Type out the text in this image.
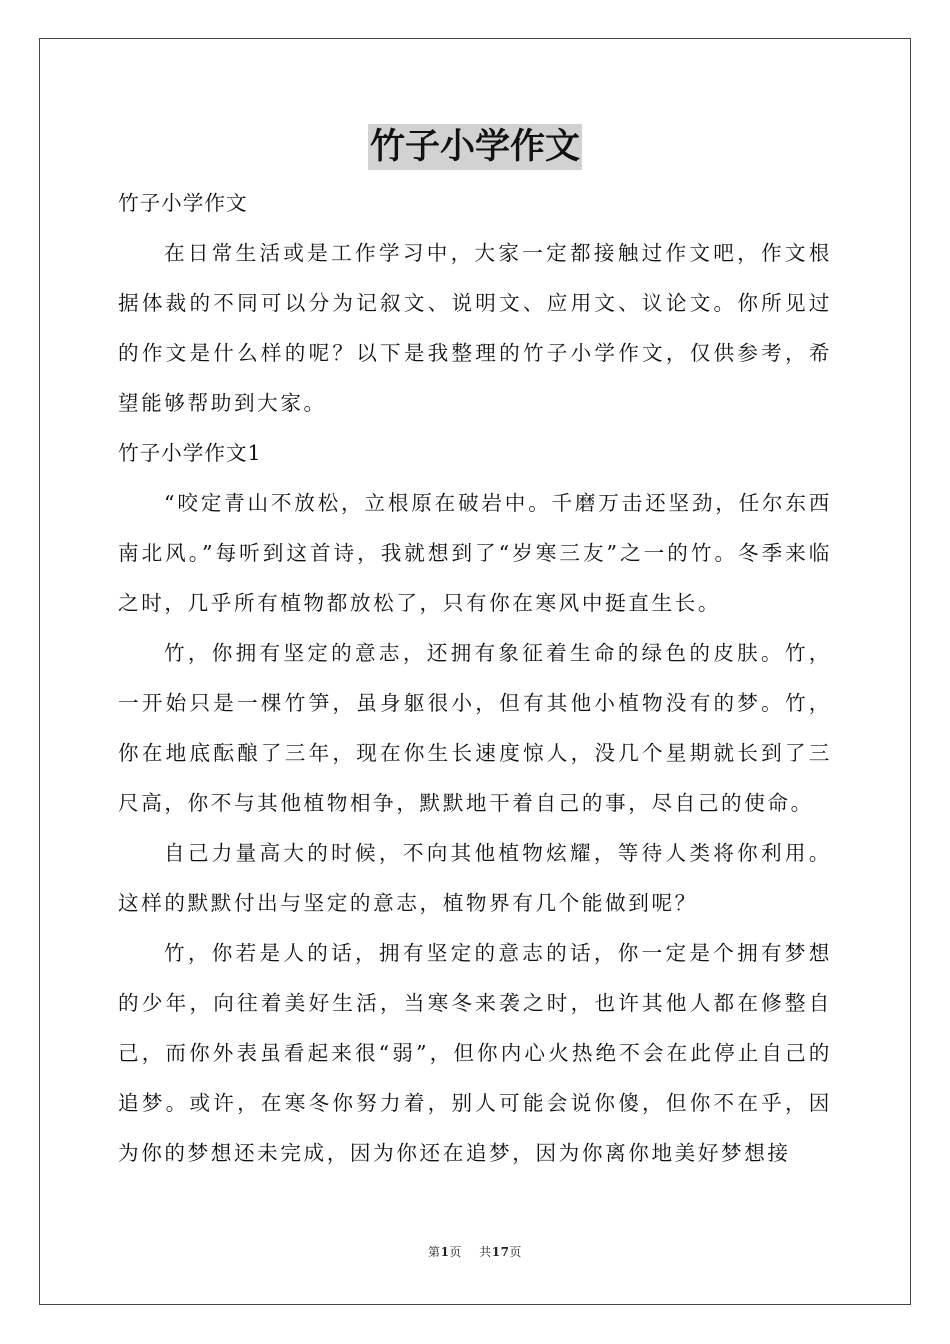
竹子小学作文

竹子小学作文

在日常生活或是工作学习中，大家一定都接触过作文吧，作文根据体裁的不同可以分为记叙文、说明文、应用文、议论文。你所见过的作文是什么样的呢？以下是我整理的竹子小学作文，仅供参考，希望能够帮助到大家。

竹子小学作文1

“咬定青山不放松，立根原在破岩中。千磨万击还坚劲，任尔东西南北风。”每听到这首诗，我就想到了“岁寒三友”之一的竹。冬季来临之时，几乎所有植物都放松了，只有你在寒风中挺直生长。

竹，你拥有坚定的意志，还拥有象征着生命的绿色的皮肤。竹，一开始只是一棵竹笋，虽身躯很小，但有其他小植物没有的梦。竹，你在地底酝酿了三年，现在你生长速度惊人，没几个星期就长到了三尺高，你不与其他植物相争，默默地干着自己的事，尽自己的使命。

自己力量高大的时候，不向其他植物炫耀，等待人类将你利用。这样的默默付出与坚定的意志，植物界有几个能做到呢？

竹，你若是人的话，拥有坚定的意志的话，你一定是个拥有梦想的少年，向往着美好生活，当寒冬来袭之时，也许其他人都在修整自己，而你外表虽看起来很“弱”，但你内心火热绝不会在此停止自己的追梦。或许，在寒冬你努力着，别人可能会说你傻，但你不在乎，因为你的梦想还未完成，因为你还在追梦，因为你离你地美好梦想接

第1页 共17页
